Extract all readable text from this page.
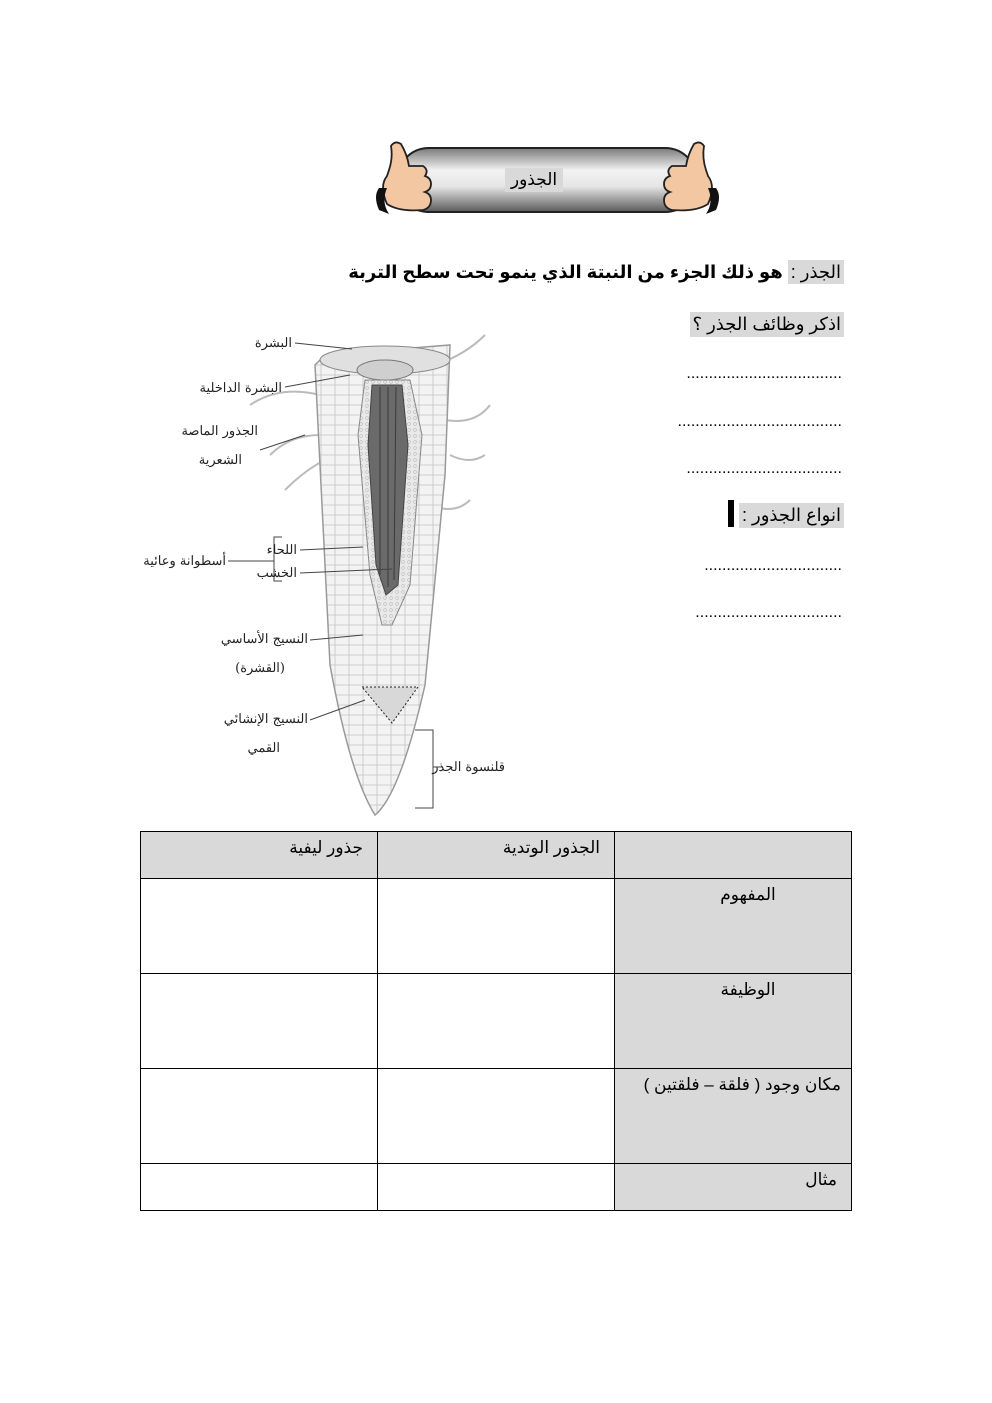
الجذور
الجذر : هو ذلك الجزء من النبتة الذي ينمو تحت سطح التربة
اذكر وظائف الجذر ؟
...................................
.....................................
...................................
انواع الجذور :
...............................
.................................
البشرة
البشرة الداخلية
الجذور الماصة
الشعرية
اللحاء
الخشب
أسطوانة وعائية
النسيج الأساسي
(القشرة)
النسيج الإنشائي
القمي
قلنسوة الجذر
	الجذور الوتدية	جذور ليفية
المفهوم		
الوظيفة		
مكان وجود ( فلقة – فلقتين )		
مثال		
